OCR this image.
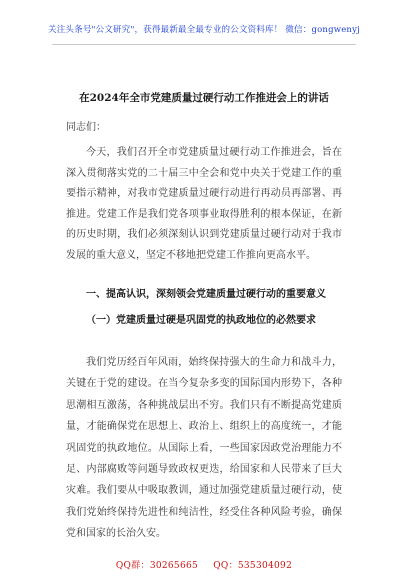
关注头条号"公文研究"，获得最新最全最专业的公文资料库！ 微信：gongwenyj
在2024年全市党建质量过硬行动工作推进会上的讲话
同志们：

今天，我们召开全市党建质量过硬行动工作推进会，旨在深入贯彻落实党的二十届三中全会和党中央关于党建工作的重要指示精神，对我市党建质量过硬行动进行再动员再部署、再推进。党建工作是我们党各项事业取得胜利的根本保证，在新的历史时期，我们必须深刻认识到党建质量过硬行动对于我市发展的重大意义，坚定不移地把党建工作推向更高水平。

一、提高认识，深刻领会党建质量过硬行动的重要意义
（一）党建质量过硬是巩固党的执政地位的必然要求

我们党历经百年风雨，始终保持强大的生命力和战斗力，关键在于党的建设。在当今复杂多变的国际国内形势下，各种思潮相互激荡，各种挑战层出不穷。我们只有不断提高党建质量，才能确保党在思想上、政治上、组织上的高度统一，才能巩固党的执政地位。从国际上看，一些国家因政党治理能力不足、内部腐败等问题导致政权更迭，给国家和人民带来了巨大灾难。我们要从中吸取教训，通过加强党建质量过硬行动，使我们党始终保持先进性和纯洁性，经受住各种风险考验，确保党和国家的长治久安。

QQ群：30265665 QQ：535304092
